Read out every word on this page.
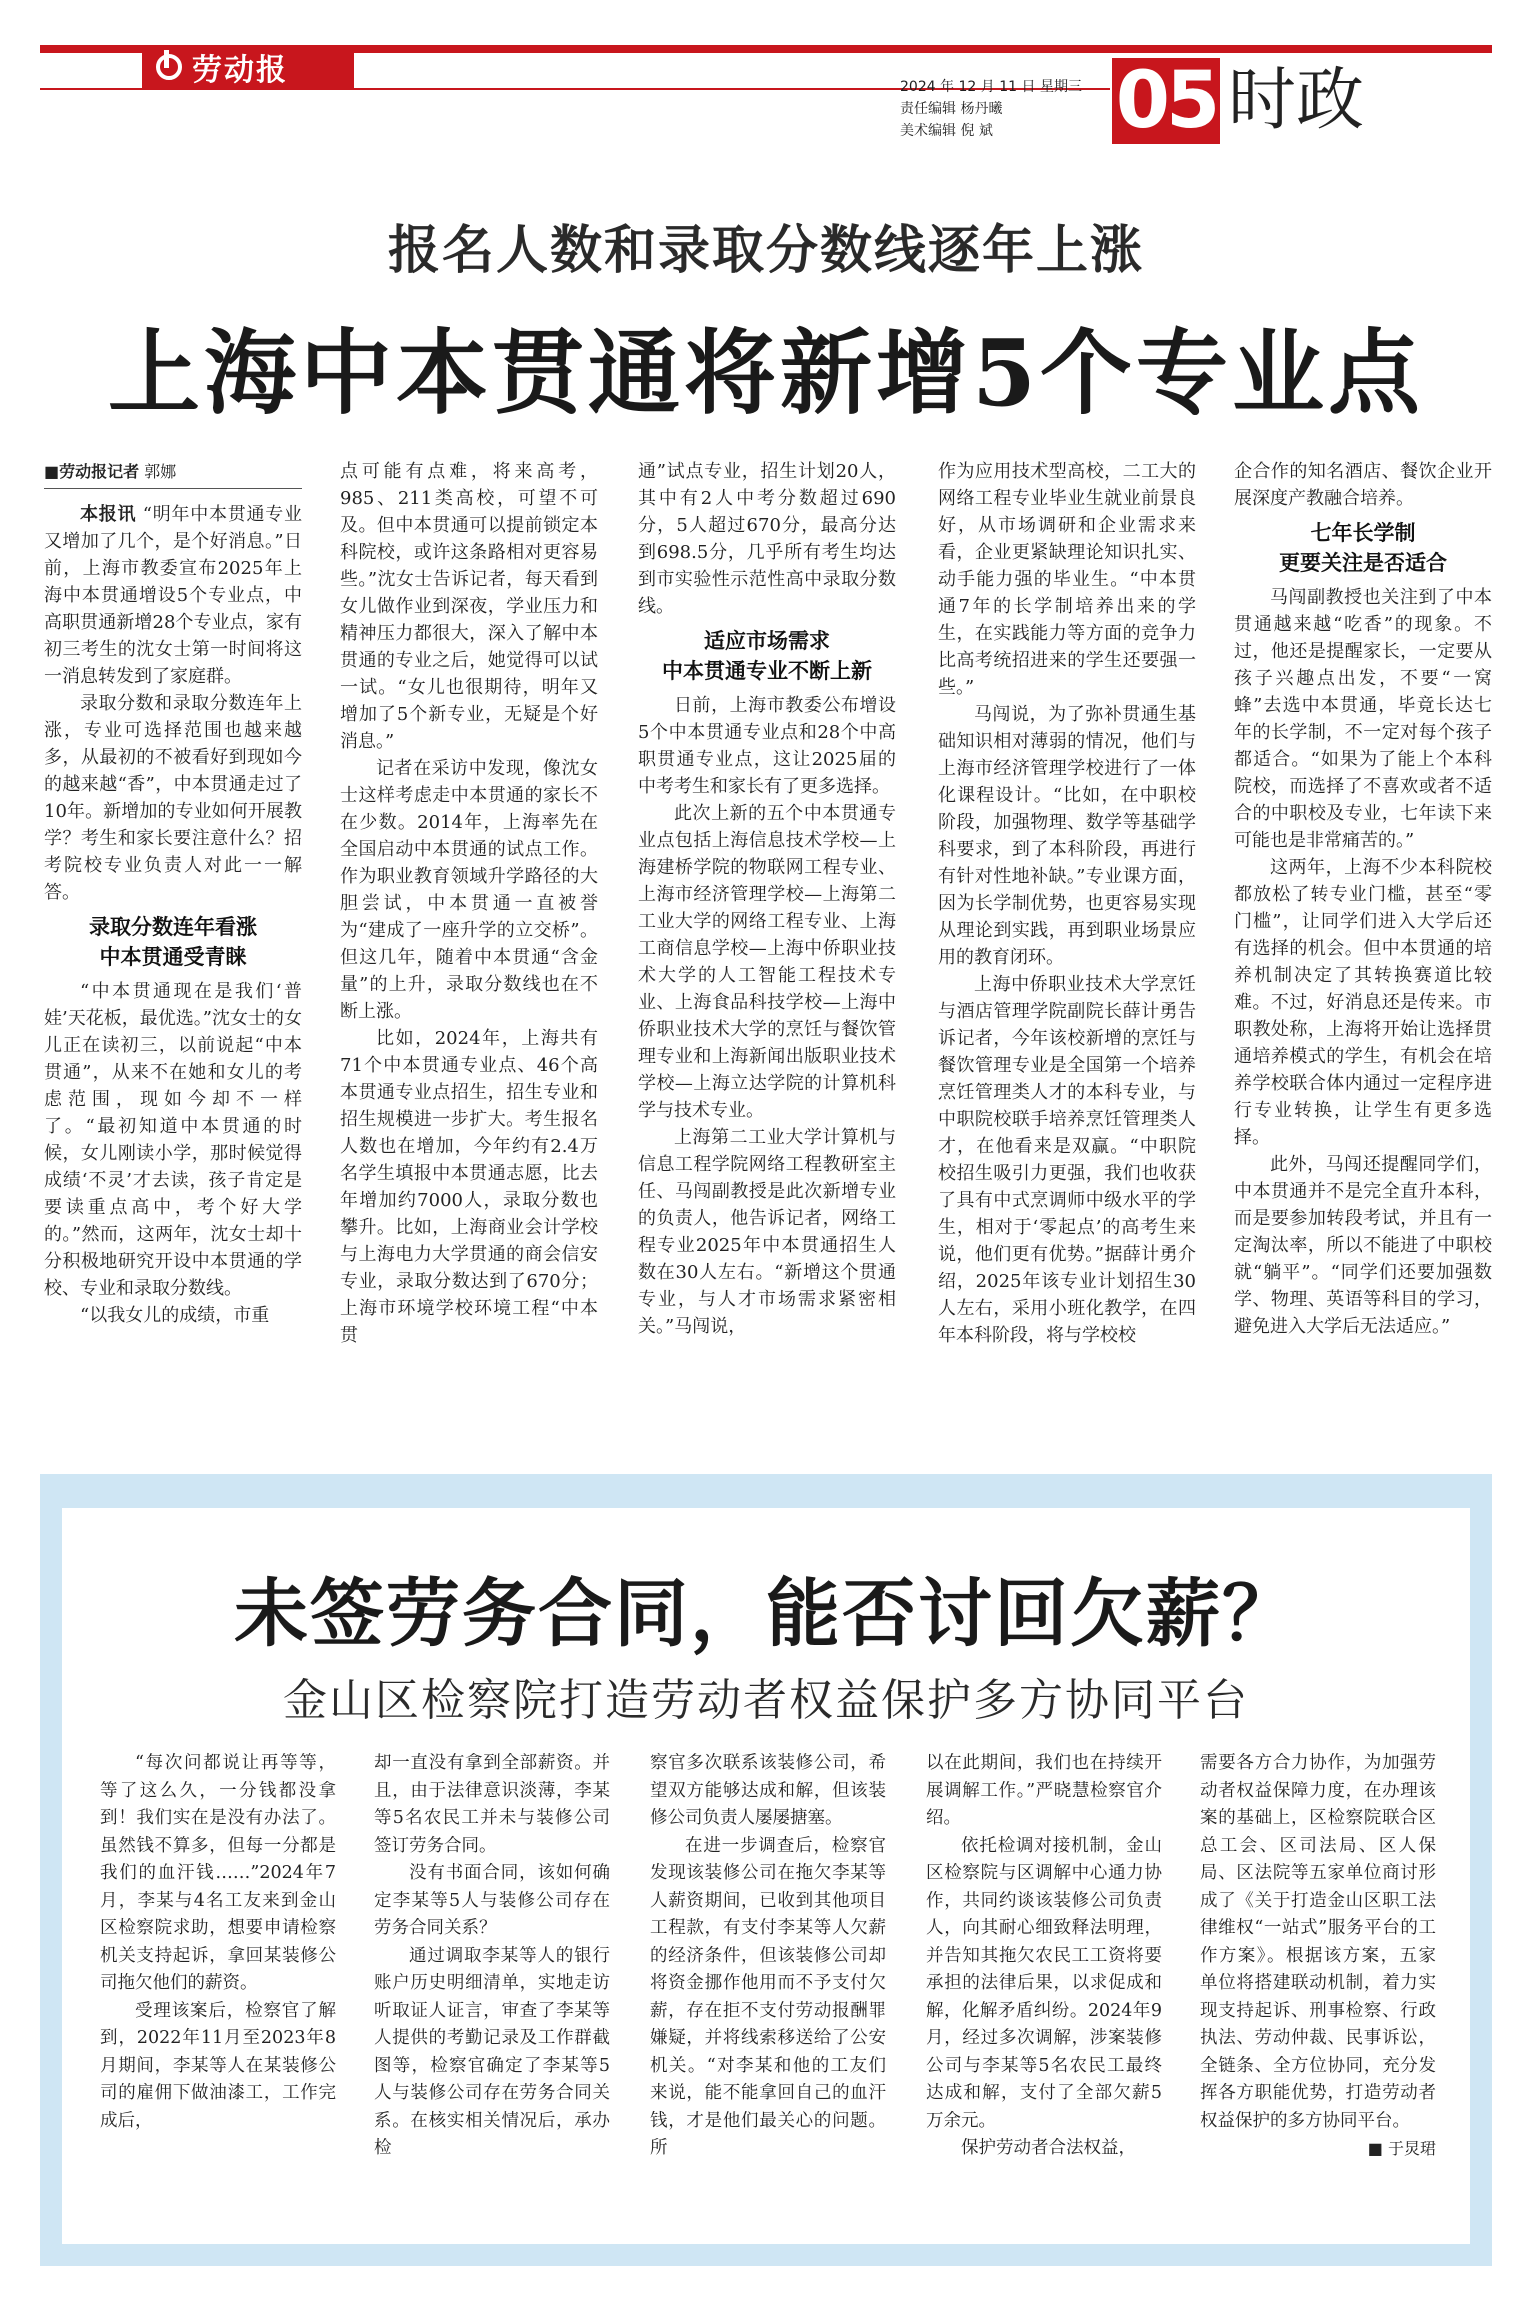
劳动报	2024 年 12 月 11 日 星期三
责任编辑 杨丹曦
美术编辑 倪 斌	05 时政
报名人数和录取分数线逐年上涨
上海中本贯通将新增5个专业点
■劳动报记者 郭娜

本报讯 “明年中本贯通专业又增加了几个，是个好消息。”日前，上海市教委宣布2025年上海中本贯通增设5个专业点，中高职贯通新增28个专业点，家有初三考生的沈女士第一时间将这一消息转发到了家庭群。

录取分数和录取分数连年上涨，专业可选择范围也越来越多，从最初的不被看好到现如今的越来越“香”，中本贯通走过了10年。新增加的专业如何开展教学？考生和家长要注意什么？招考院校专业负责人对此一一解答。

录取分数连年看涨
中本贯通受青睐

“中本贯通现在是我们‘普娃’天花板，最优选。”沈女士的女儿正在读初三，以前说起“中本贯通”，从来不在她和女儿的考虑范围，现如今却不一样了。“最初知道中本贯通的时候，女儿刚读小学，那时候觉得成绩‘不灵’才去读，孩子肯定是要读重点高中，考个好大学的。”然而，这两年，沈女士却十分积极地研究开设中本贯通的学校、专业和录取分数线。

“以我女儿的成绩，市重

点可能有点难，将来高考，985、211类高校，可望不可及。但中本贯通可以提前锁定本科院校，或许这条路相对更容易些。”沈女士告诉记者，每天看到女儿做作业到深夜，学业压力和精神压力都很大，深入了解中本贯通的专业之后，她觉得可以试一试。“女儿也很期待，明年又增加了5个新专业，无疑是个好消息。”

记者在采访中发现，像沈女士这样考虑走中本贯通的家长不在少数。2014年，上海率先在全国启动中本贯通的试点工作。作为职业教育领域升学路径的大胆尝试，中本贯通一直被誉为“建成了一座升学的立交桥”。但这几年，随着中本贯通“含金量”的上升，录取分数线也在不断上涨。

比如，2024年，上海共有71个中本贯通专业点、46个高本贯通专业点招生，招生专业和招生规模进一步扩大。考生报名人数也在增加，今年约有2.4万名学生填报中本贯通志愿，比去年增加约7000人，录取分数也攀升。比如，上海商业会计学校与上海电力大学贯通的商会信安专业，录取分数达到了670分；上海市环境学校环境工程“中本贯

通”试点专业，招生计划20人，其中有2人中考分数超过690分，5人超过670分，最高分达到698.5分，几乎所有考生均达到市实验性示范性高中录取分数线。

适应市场需求
中本贯通专业不断上新

日前，上海市教委公布增设5个中本贯通专业点和28个中高职贯通专业点，这让2025届的中考考生和家长有了更多选择。

此次上新的五个中本贯通专业点包括上海信息技术学校—上海建桥学院的物联网工程专业、上海市经济管理学校—上海第二工业大学的网络工程专业、上海工商信息学校—上海中侨职业技术大学的人工智能工程技术专业、上海食品科技学校—上海中侨职业技术大学的烹饪与餐饮管理专业和上海新闻出版职业技术学校—上海立达学院的计算机科学与技术专业。

上海第二工业大学计算机与信息工程学院网络工程教研室主任、马闯副教授是此次新增专业的负责人，他告诉记者，网络工程专业2025年中本贯通招生人数在30人左右。“新增这个贯通专业，与人才市场需求紧密相关。”马闯说，

作为应用技术型高校，二工大的网络工程专业毕业生就业前景良好，从市场调研和企业需求来看，企业更紧缺理论知识扎实、动手能力强的毕业生。“中本贯通7年的长学制培养出来的学生，在实践能力等方面的竞争力比高考统招进来的学生还要强一些。”

马闯说，为了弥补贯通生基础知识相对薄弱的情况，他们与上海市经济管理学校进行了一体化课程设计。“比如，在中职校阶段，加强物理、数学等基础学科要求，到了本科阶段，再进行有针对性地补缺。”专业课方面，因为长学制优势，也更容易实现从理论到实践，再到职业场景应用的教育闭环。

上海中侨职业技术大学烹饪与酒店管理学院副院长薛计勇告诉记者，今年该校新增的烹饪与餐饮管理专业是全国第一个培养烹饪管理类人才的本科专业，与中职院校联手培养烹饪管理类人才，在他看来是双赢。“中职院校招生吸引力更强，我们也收获了具有中式烹调师中级水平的学生，相对于‘零起点’的高考生来说，他们更有优势。”据薛计勇介绍，2025年该专业计划招生30人左右，采用小班化教学，在四年本科阶段，将与学校校

企合作的知名酒店、餐饮企业开展深度产教融合培养。

七年长学制
更要关注是否适合

马闯副教授也关注到了中本贯通越来越“吃香”的现象。不过，他还是提醒家长，一定要从孩子兴趣点出发，不要“一窝蜂”去选中本贯通，毕竟长达七年的长学制，不一定对每个孩子都适合。“如果为了能上个本科院校，而选择了不喜欢或者不适合的中职校及专业，七年读下来可能也是非常痛苦的。”

这两年，上海不少本科院校都放松了转专业门槛，甚至“零门槛”，让同学们进入大学后还有选择的机会。但中本贯通的培养机制决定了其转换赛道比较难。不过，好消息还是传来。市职教处称，上海将开始让选择贯通培养模式的学生，有机会在培养学校联合体内通过一定程序进行专业转换，让学生有更多选择。

此外，马闯还提醒同学们，中本贯通并不是完全直升本科，而是要参加转段考试，并且有一定淘汰率，所以不能进了中职校就“躺平”。“同学们还要加强数学、物理、英语等科目的学习，避免进入大学后无法适应。”

未签劳务合同，能否讨回欠薪？
金山区检察院打造劳动者权益保护多方协同平台

“每次问都说让再等等，等了这么久，一分钱都没拿到！我们实在是没有办法了。虽然钱不算多，但每一分都是我们的血汗钱……”2024年7月，李某与4名工友来到金山区检察院求助，想要申请检察机关支持起诉，拿回某装修公司拖欠他们的薪资。

受理该案后，检察官了解到，2022年11月至2023年8月期间，李某等人在某装修公司的雇佣下做油漆工，工作完成后，

却一直没有拿到全部薪资。并且，由于法律意识淡薄，李某等5名农民工并未与装修公司签订劳务合同。

没有书面合同，该如何确定李某等5人与装修公司存在劳务合同关系？

通过调取李某等人的银行账户历史明细清单，实地走访听取证人证言，审查了李某等人提供的考勤记录及工作群截图等，检察官确定了李某等5人与装修公司存在劳务合同关系。在核实相关情况后，承办检

察官多次联系该装修公司，希望双方能够达成和解，但该装修公司负责人屡屡搪塞。

在进一步调查后，检察官发现该装修公司在拖欠李某等人薪资期间，已收到其他项目工程款，有支付李某等人欠薪的经济条件，但该装修公司却将资金挪作他用而不予支付欠薪，存在拒不支付劳动报酬罪嫌疑，并将线索移送给了公安机关。“对李某和他的工友们来说，能不能拿回自己的血汗钱，才是他们最关心的问题。所

以在此期间，我们也在持续开展调解工作。”严晓慧检察官介绍。

依托检调对接机制，金山区检察院与区调解中心通力协作，共同约谈该装修公司负责人，向其耐心细致释法明理，并告知其拖欠农民工工资将要承担的法律后果，以求促成和解，化解矛盾纠纷。2024年9月，经过多次调解，涉案装修公司与李某等5名农民工最终达成和解，支付了全部欠薪5万余元。

保护劳动者合法权益，

需要各方合力协作，为加强劳动者权益保障力度，在办理该案的基础上，区检察院联合区总工会、区司法局、区人保局、区法院等五家单位商讨形成了《关于打造金山区职工法律维权“一站式”服务平台的工作方案》。根据该方案，五家单位将搭建联动机制，着力实现支持起诉、刑事检察、行政执法、劳动仲裁、民事诉讼，全链条、全方位协同，充分发挥各方职能优势，打造劳动者权益保护的多方协同平台。

■ 于炅珺
